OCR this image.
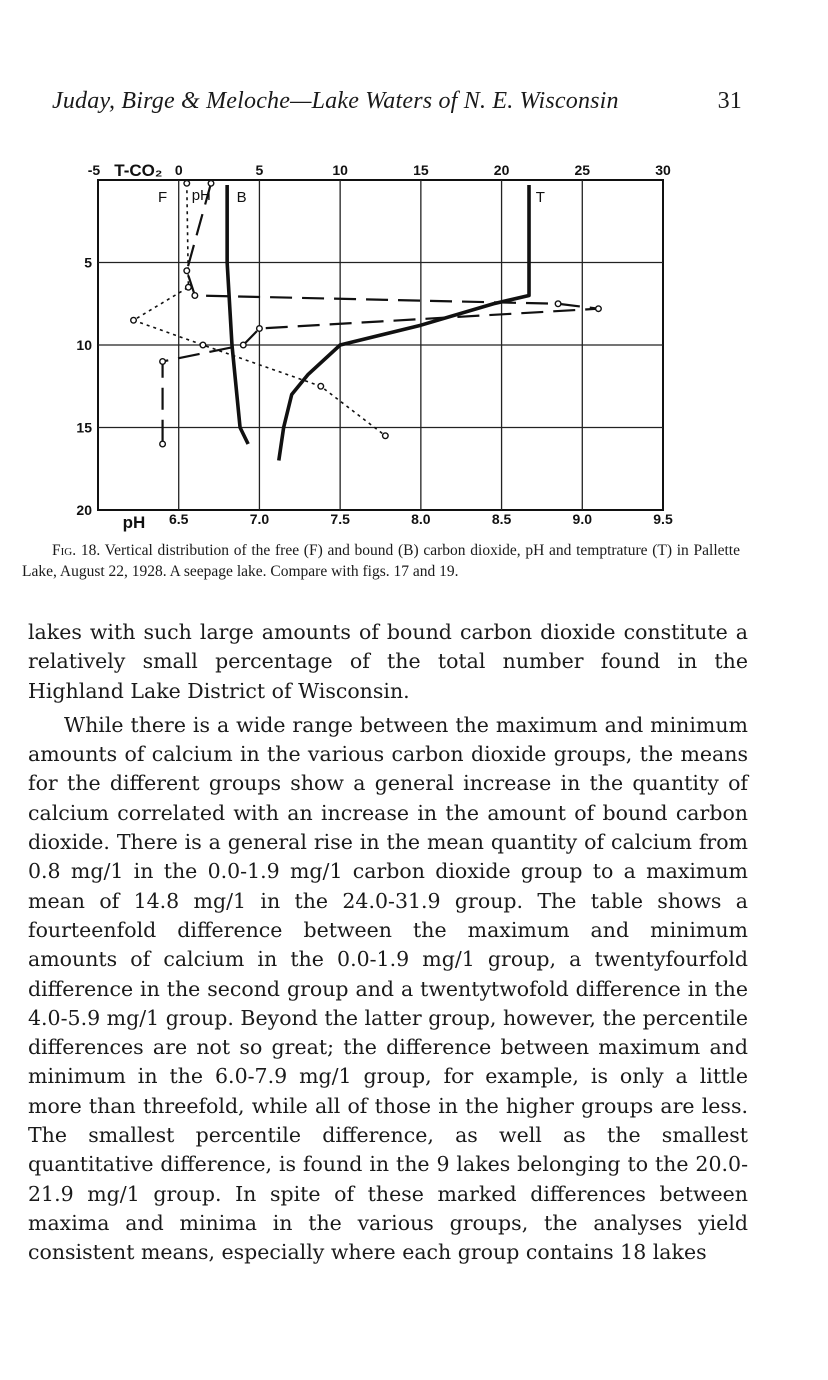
Juday, Birge & Meloche—Lake Waters of N. E. Wisconsin	31
-5	0	5	10	15	20	25	30
T-CO₂
6.5	7.0	7.5	8.0	8.5	9.0	9.5
pH
5
10
15
20
F	B	T
pH
Fig. 18. Vertical distribution of the free (F) and bound (B) carbon dioxide, pH and temptrature (T) in Pallette Lake, August 22, 1928. A seepage lake. Compare with figs. 17 and 19.

lakes with such large amounts of bound carbon dioxide constitute a relatively small percentage of the total number found in the Highland Lake District of Wisconsin.

While there is a wide range between the maximum and minimum amounts of calcium in the various carbon dioxide groups, the means for the different groups show a general increase in the quantity of calcium correlated with an increase in the amount of bound carbon dioxide. There is a general rise in the mean quantity of calcium from 0.8 mg/1 in the 0.0-1.9 mg/1 carbon dioxide group to a maximum mean of 14.8 mg/1 in the 24.0-31.9 group. The table shows a fourteenfold difference between the maximum and minimum amounts of calcium in the 0.0-1.9 mg/1 group, a twentyfourfold difference in the second group and a twentytwofold difference in the 4.0-5.9 mg/1 group. Beyond the latter group, however, the percentile differences are not so great; the difference between maximum and minimum in the 6.0-7.9 mg/1 group, for example, is only a little more than threefold, while all of those in the higher groups are less. The smallest percentile difference, as well as the smallest quantitative difference, is found in the 9 lakes belonging to the 20.0-21.9 mg/1 group. In spite of these marked differences between maxima and minima in the various groups, the analyses yield consistent means, especially where each group contains 18 lakes
